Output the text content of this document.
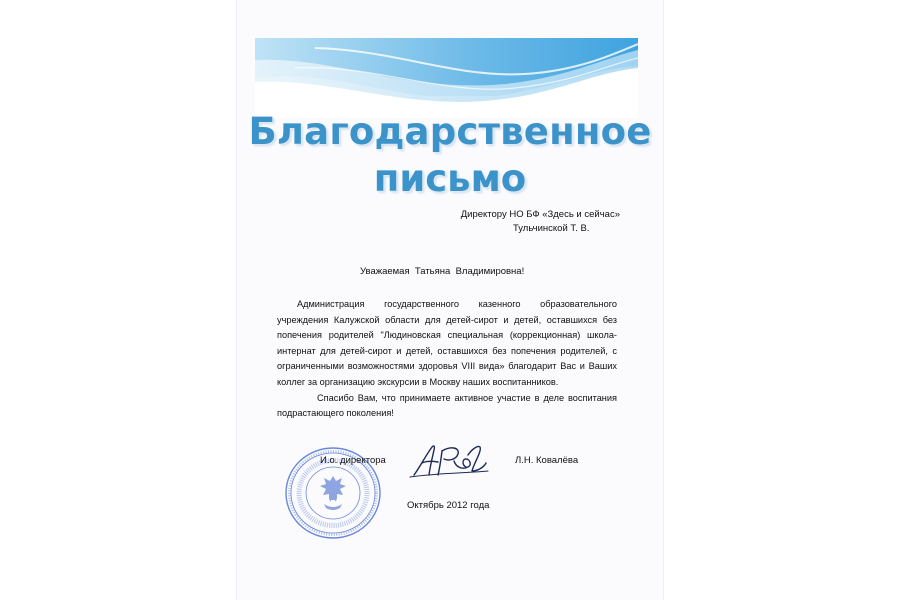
Благодарственное
письмо
Директору НО БФ «Здесь и сейчас»
Тульчинской Т. В.
Уважаемая  Татьяна  Владимировна!

Администрация государственного казенного образовательного учреждения Калужской области для детей-сирот и детей, оставшихся без попечения родителей "Людиновская специальная (коррекционная) школа-интернат для детей-сирот и детей, оставшихся без попечения родителей, с ограниченными возможностями здоровья VIII вида» благодарит Вас и Ваших коллег за организацию экскурсии в Москву наших воспитанников.

Спасибо Вам, что принимаете активное участие в деле воспитания подрастающего поколения!

И.о. директора	Л.Н. Ковалёва
Октябрь 2012 года
